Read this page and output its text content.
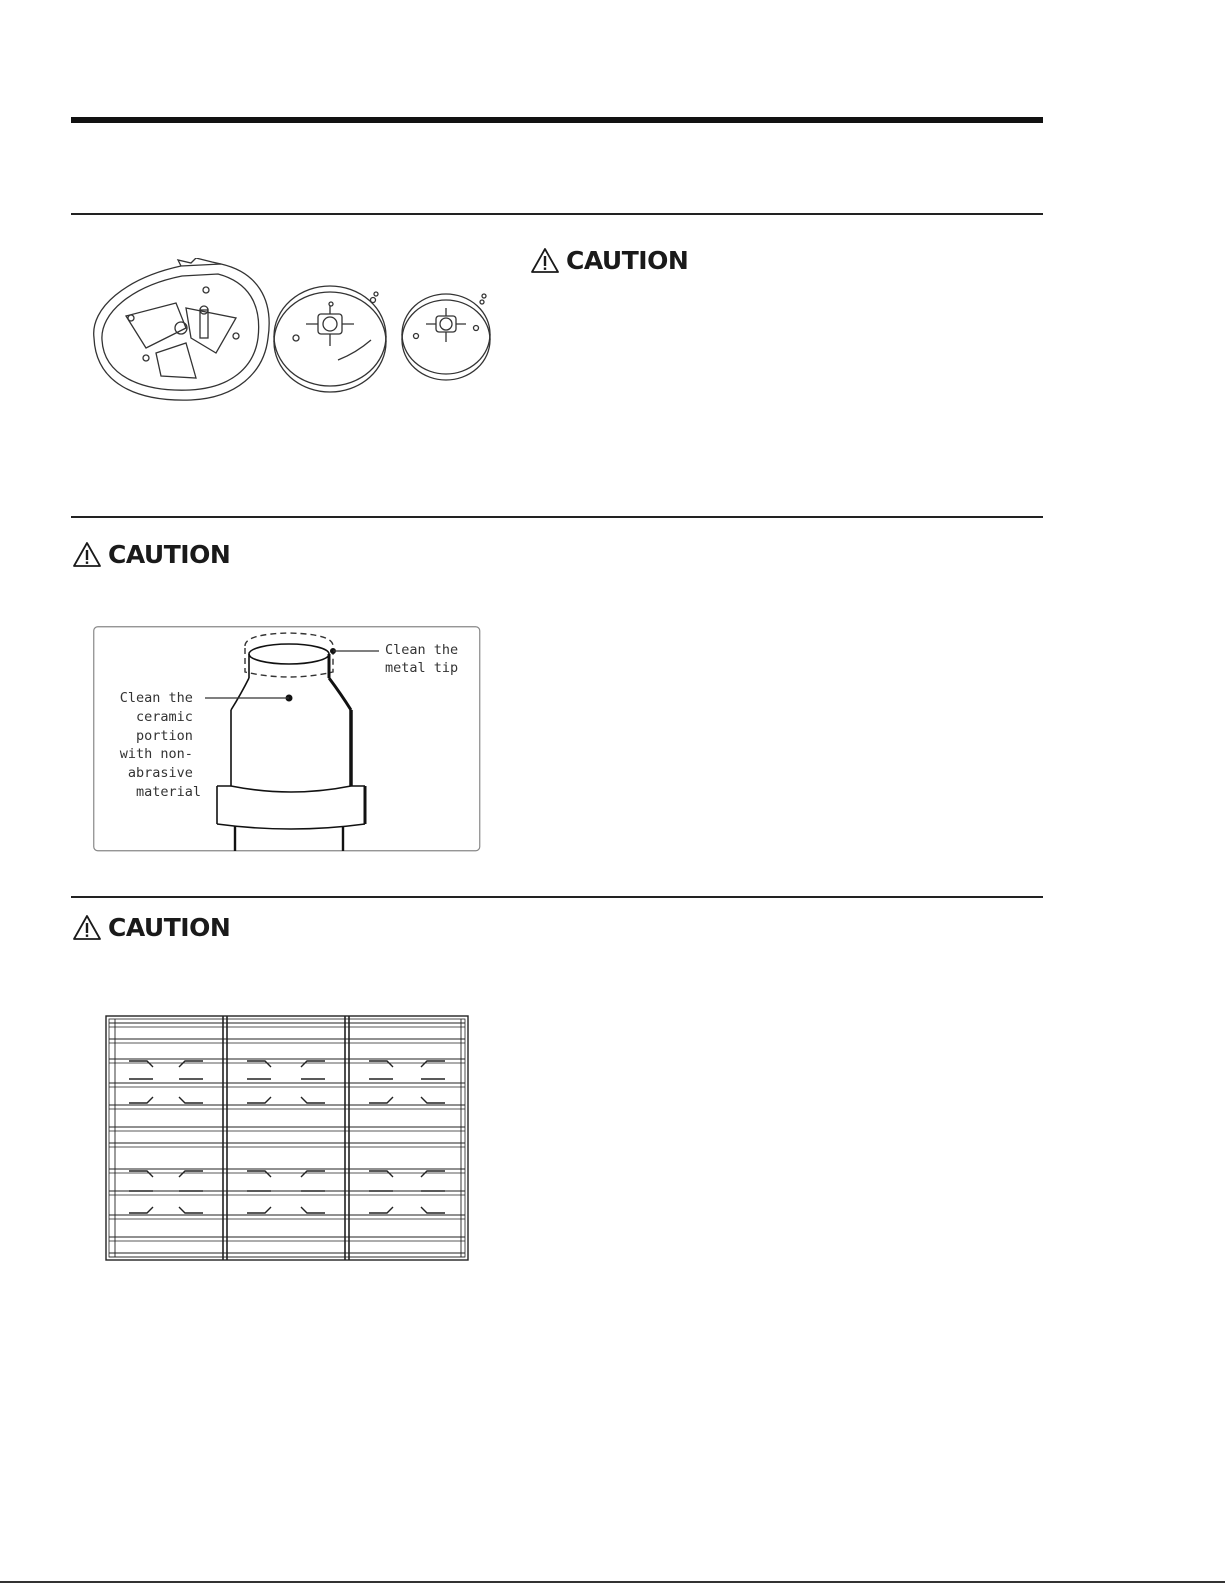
CAUTION
CAUTION
Clean the metal tip
Clean the ceramic portion with non- abrasive material
CAUTION
